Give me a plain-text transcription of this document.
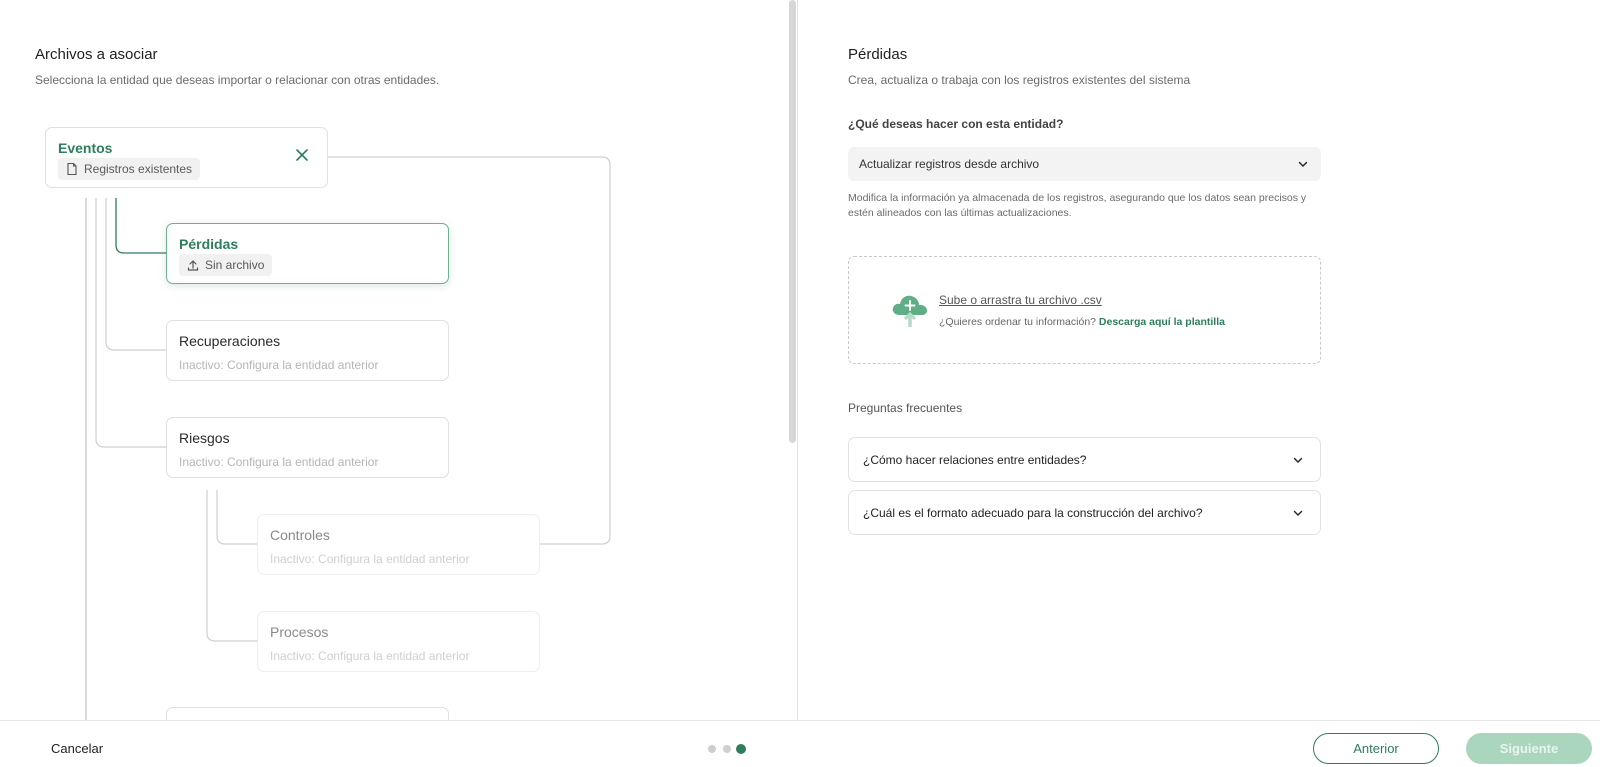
Archivos a asociar
Selecciona la entidad que deseas importar o relacionar con otras entidades.
Eventos
Registros existentes
Pérdidas
Sin archivo
Recuperaciones
Inactivo: Configura la entidad anterior
Riesgos
Inactivo: Configura la entidad anterior
Controles
Inactivo: Configura la entidad anterior
Procesos
Inactivo: Configura la entidad anterior
Pérdidas
Crea, actualiza o trabaja con los registros existentes del sistema
¿Qué deseas hacer con esta entidad?
Actualizar registros desde archivo
Modifica la información ya almacenada de los registros, asegurando que los datos sean precisos y estén alineados con las últimas actualizaciones.
Sube o arrastra tu archivo .csv
¿Quieres ordenar tu información? Descarga aquí la plantilla
Preguntas frecuentes
¿Cómo hacer relaciones entre entidades?
¿Cuál es el formato adecuado para la construcción del archivo?
Cancelar	Anterior	Siguiente
